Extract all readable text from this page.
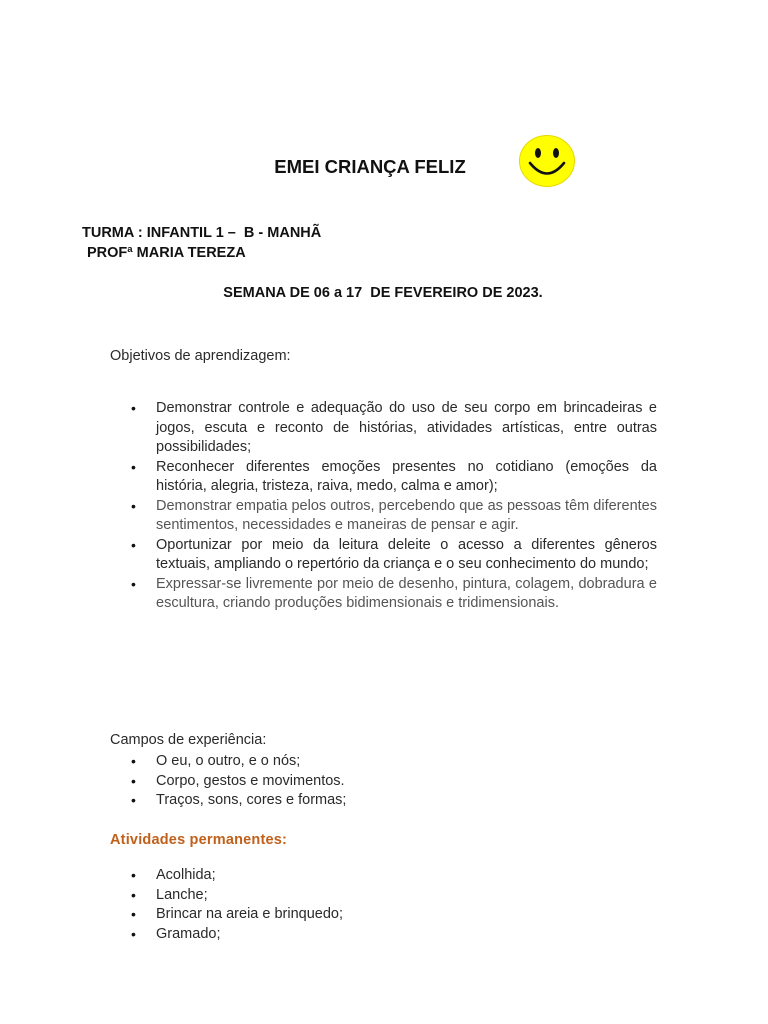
EMEI CRIANÇA FELIZ
TURMA : INFANTIL 1 –  B - MANHÃ
PROFª MARIA TEREZA
SEMANA DE 06 a 17  DE FEVEREIRO DE 2023.
Objetivos de aprendizagem:
• Demonstrar controle e adequação do uso de seu corpo em brincadeiras e jogos, escuta e reconto de histórias, atividades artísticas, entre outras possibilidades;
• Reconhecer diferentes emoções presentes no cotidiano (emoções da história, alegria, tristeza, raiva, medo, calma e amor);
• Demonstrar empatia pelos outros, percebendo que as pessoas têm diferentes sentimentos, necessidades e maneiras de pensar e agir.
• Oportunizar por meio da leitura deleite o acesso a diferentes gêneros textuais, ampliando o repertório da criança e o seu conhecimento do mundo;
• Expressar-se livremente por meio de desenho, pintura, colagem, dobradura e escultura, criando produções bidimensionais e tridimensionais.
Campos de experiência:
• O eu, o outro, e o nós;
• Corpo, gestos e movimentos.
• Traços, sons, cores e formas;
Atividades permanentes:
• Acolhida;
• Lanche;
• Brincar na areia e brinquedo;
• Gramado;
